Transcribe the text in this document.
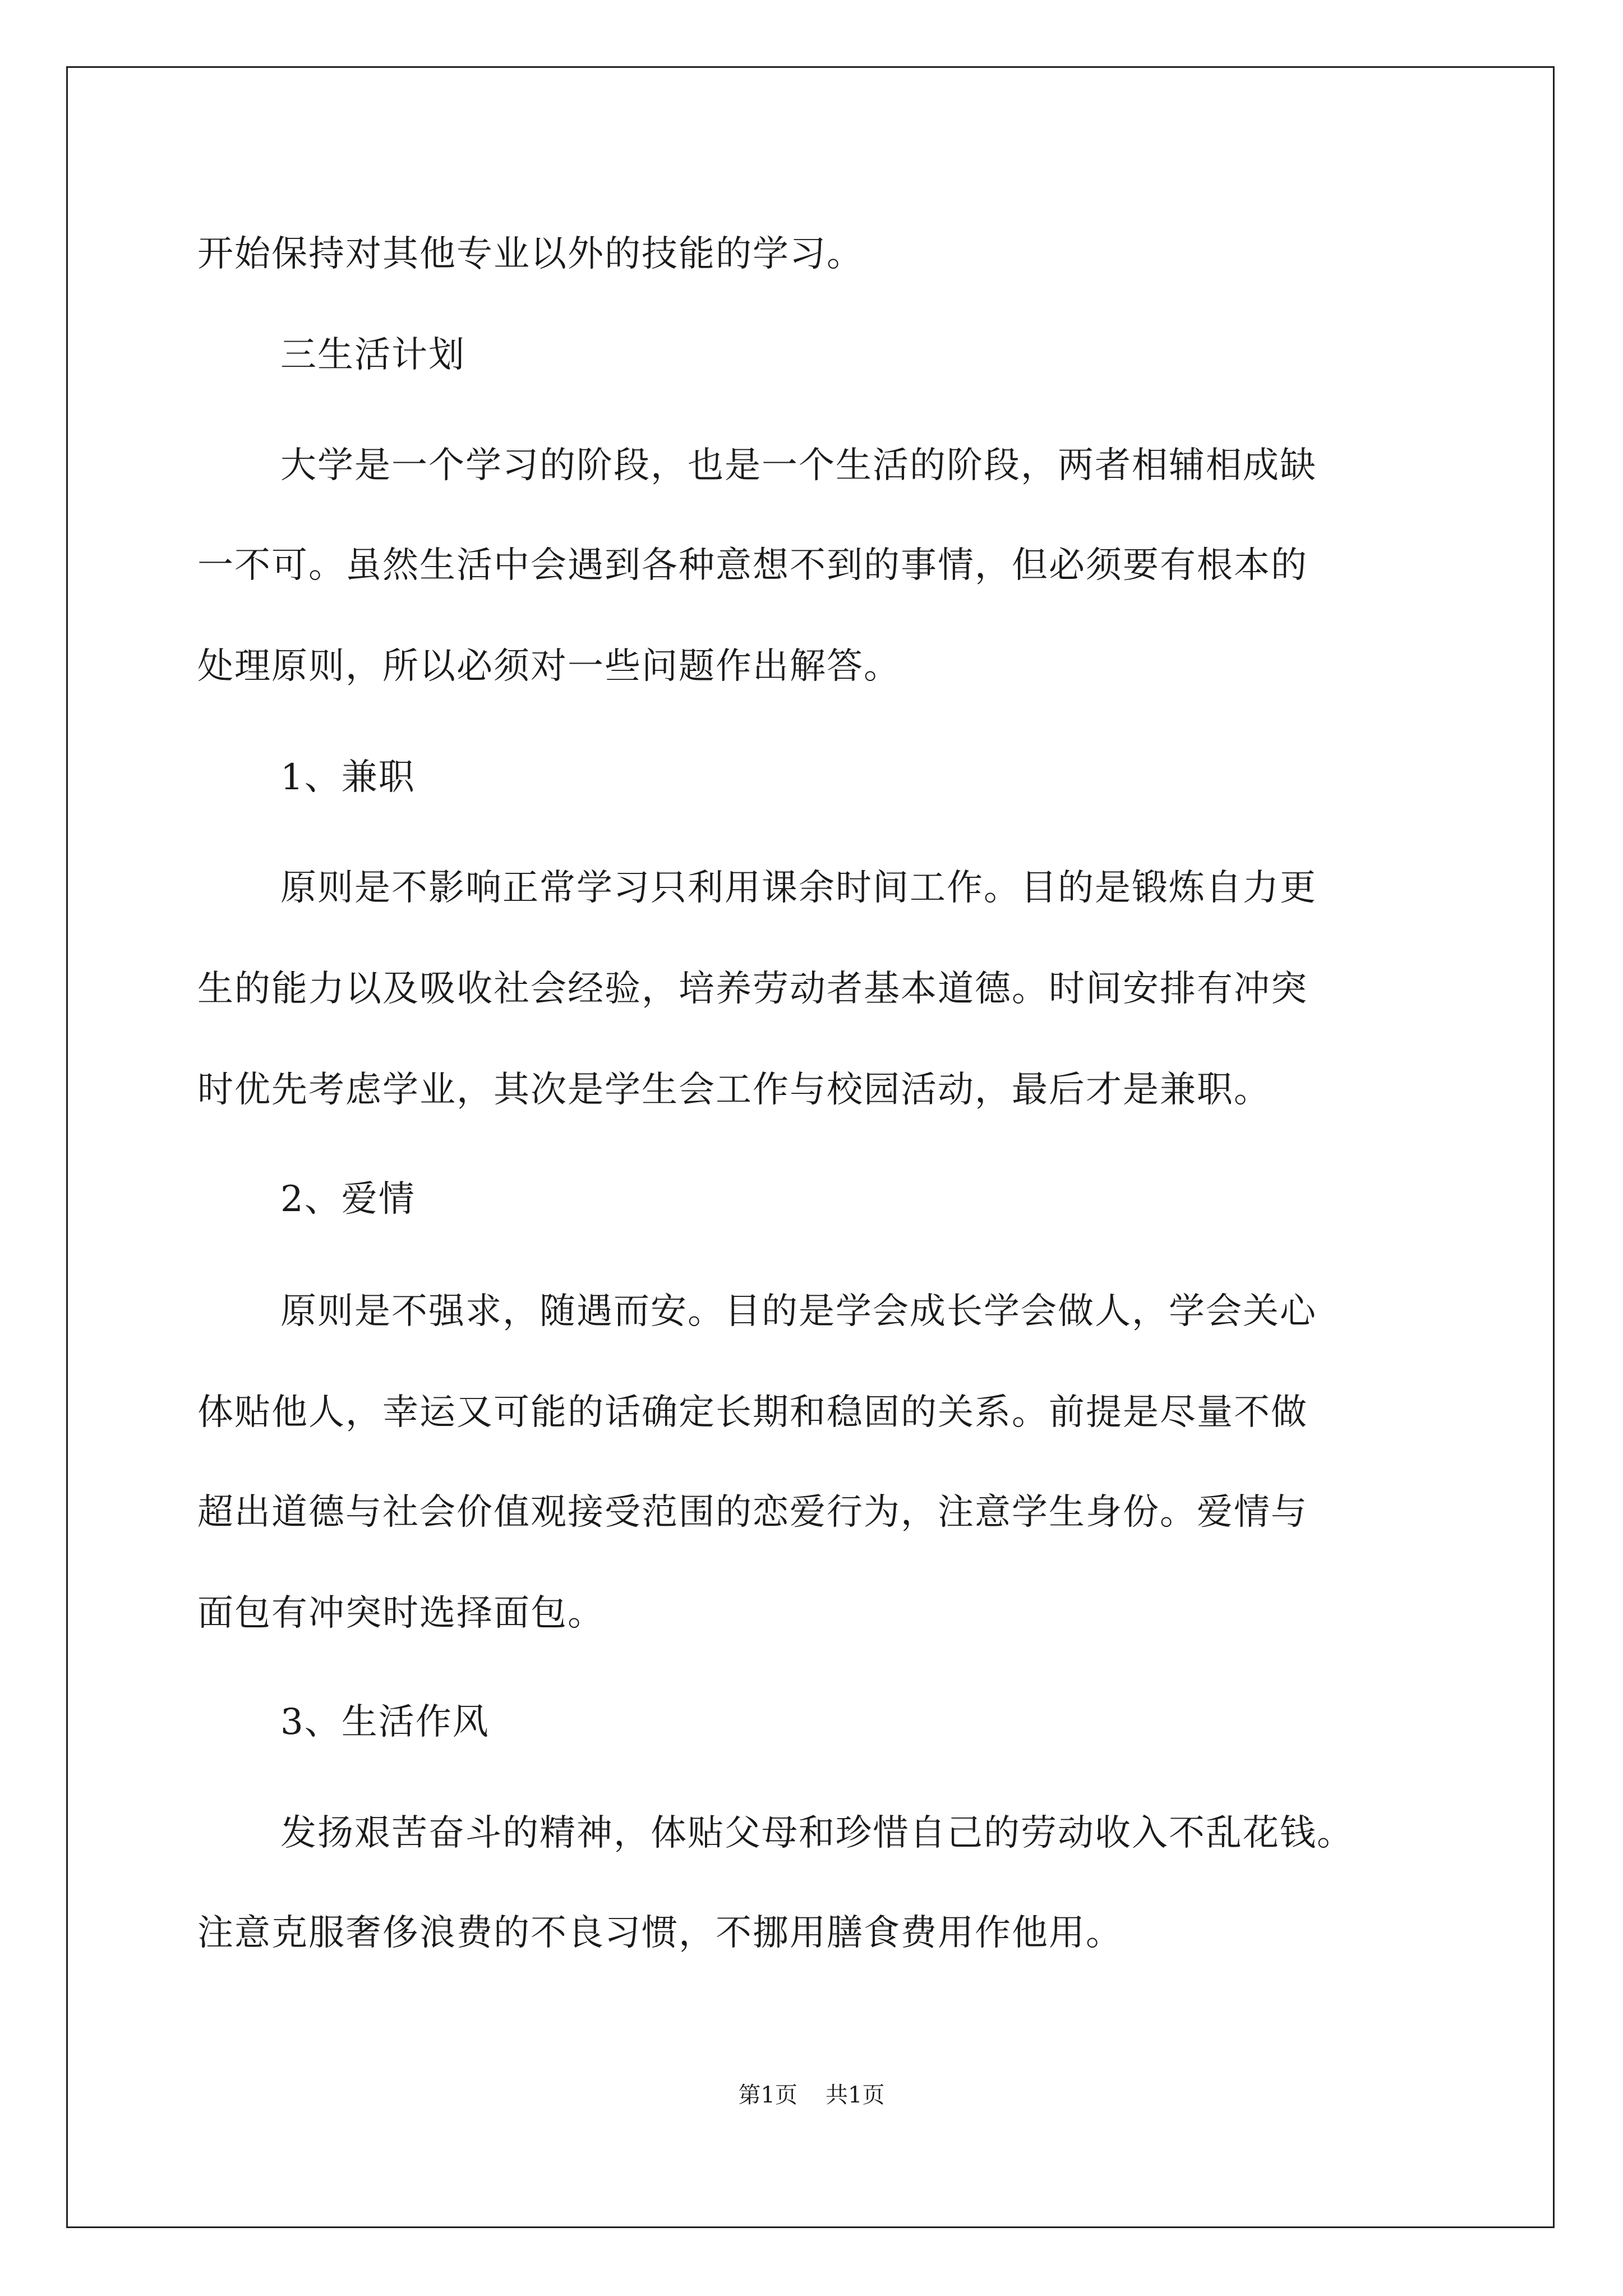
开始保持对其他专业以外的技能的学习。
三生活计划
大学是一个学习的阶段，也是一个生活的阶段，两者相辅相成缺
一不可。虽然生活中会遇到各种意想不到的事情，但必须要有根本的
处理原则，所以必须对一些问题作出解答。
1、兼职
原则是不影响正常学习只利用课余时间工作。目的是锻炼自力更
生的能力以及吸收社会经验，培养劳动者基本道德。时间安排有冲突
时优先考虑学业，其次是学生会工作与校园活动，最后才是兼职。
2、爱情
原则是不强求，随遇而安。目的是学会成长学会做人，学会关心
体贴他人，幸运又可能的话确定长期和稳固的关系。前提是尽量不做
超出道德与社会价值观接受范围的恋爱行为，注意学生身份。爱情与
面包有冲突时选择面包。
3、生活作风
发扬艰苦奋斗的精神，体贴父母和珍惜自己的劳动收入不乱花钱。
注意克服奢侈浪费的不良习惯，不挪用膳食费用作他用。
第1页 共1页
